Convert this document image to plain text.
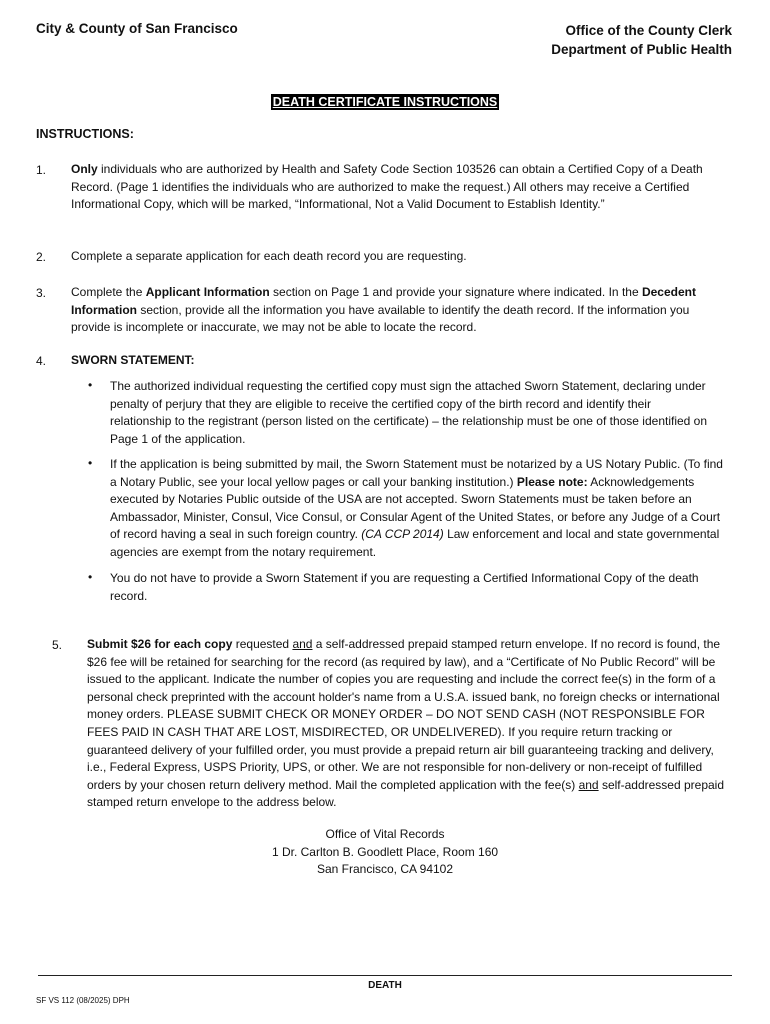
City & County of San Francisco	Office of the County Clerk
Department of Public Health
DEATH CERTIFICATE INSTRUCTIONS
INSTRUCTIONS:
1. Only individuals who are authorized by Health and Safety Code Section 103526 can obtain a Certified Copy of a Death Record. (Page 1 identifies the individuals who are authorized to make the request.) All others may receive a Certified Informational Copy, which will be marked, “Informational, Not a Valid Document to Establish Identity.”
2. Complete a separate application for each death record you are requesting.
3. Complete the Applicant Information section on Page 1 and provide your signature where indicated. In the Decedent Information section, provide all the information you have available to identify the death record. If the information you provide is incomplete or inaccurate, we may not be able to locate the record.
4. SWORN STATEMENT:
• The authorized individual requesting the certified copy must sign the attached Sworn Statement, declaring under penalty of perjury that they are eligible to receive the certified copy of the birth record and identify their relationship to the registrant (person listed on the certificate) – the relationship must be one of those identified on Page 1 of the application.
• If the application is being submitted by mail, the Sworn Statement must be notarized by a US Notary Public. (To find a Notary Public, see your local yellow pages or call your banking institution.) Please note: Acknowledgements executed by Notaries Public outside of the USA are not accepted. Sworn Statements must be taken before an Ambassador, Minister, Consul, Vice Consul, or Consular Agent of the United States, or before any Judge of a Court of record having a seal in such foreign country. (CA CCP 2014) Law enforcement and local and state governmental agencies are exempt from the notary requirement.
• You do not have to provide a Sworn Statement if you are requesting a Certified Informational Copy of the death record.
5. Submit $26 for each copy requested and a self-addressed prepaid stamped return envelope. If no record is found, the $26 fee will be retained for searching for the record (as required by law), and a “Certificate of No Public Record” will be issued to the applicant. Indicate the number of copies you are requesting and include the correct fee(s) in the form of a personal check preprinted with the account holder's name from a U.S.A. issued bank, no foreign checks or international money orders. PLEASE SUBMIT CHECK OR MONEY ORDER – DO NOT SEND CASH (NOT RESPONSIBLE FOR FEES PAID IN CASH THAT ARE LOST, MISDIRECTED, OR UNDELIVERED). If you require return tracking or guaranteed delivery of your fulfilled order, you must provide a prepaid return air bill guaranteeing tracking and delivery, i.e., Federal Express, USPS Priority, UPS, or other. We are not responsible for non-delivery or non-receipt of fulfilled orders by your chosen return delivery method. Mail the completed application with the fee(s) and self-addressed prepaid stamped return envelope to the address below.
Office of Vital Records
1 Dr. Carlton B. Goodlett Place, Room 160
San Francisco, CA 94102
DEATH
SF VS 112 (08/2025) DPH
